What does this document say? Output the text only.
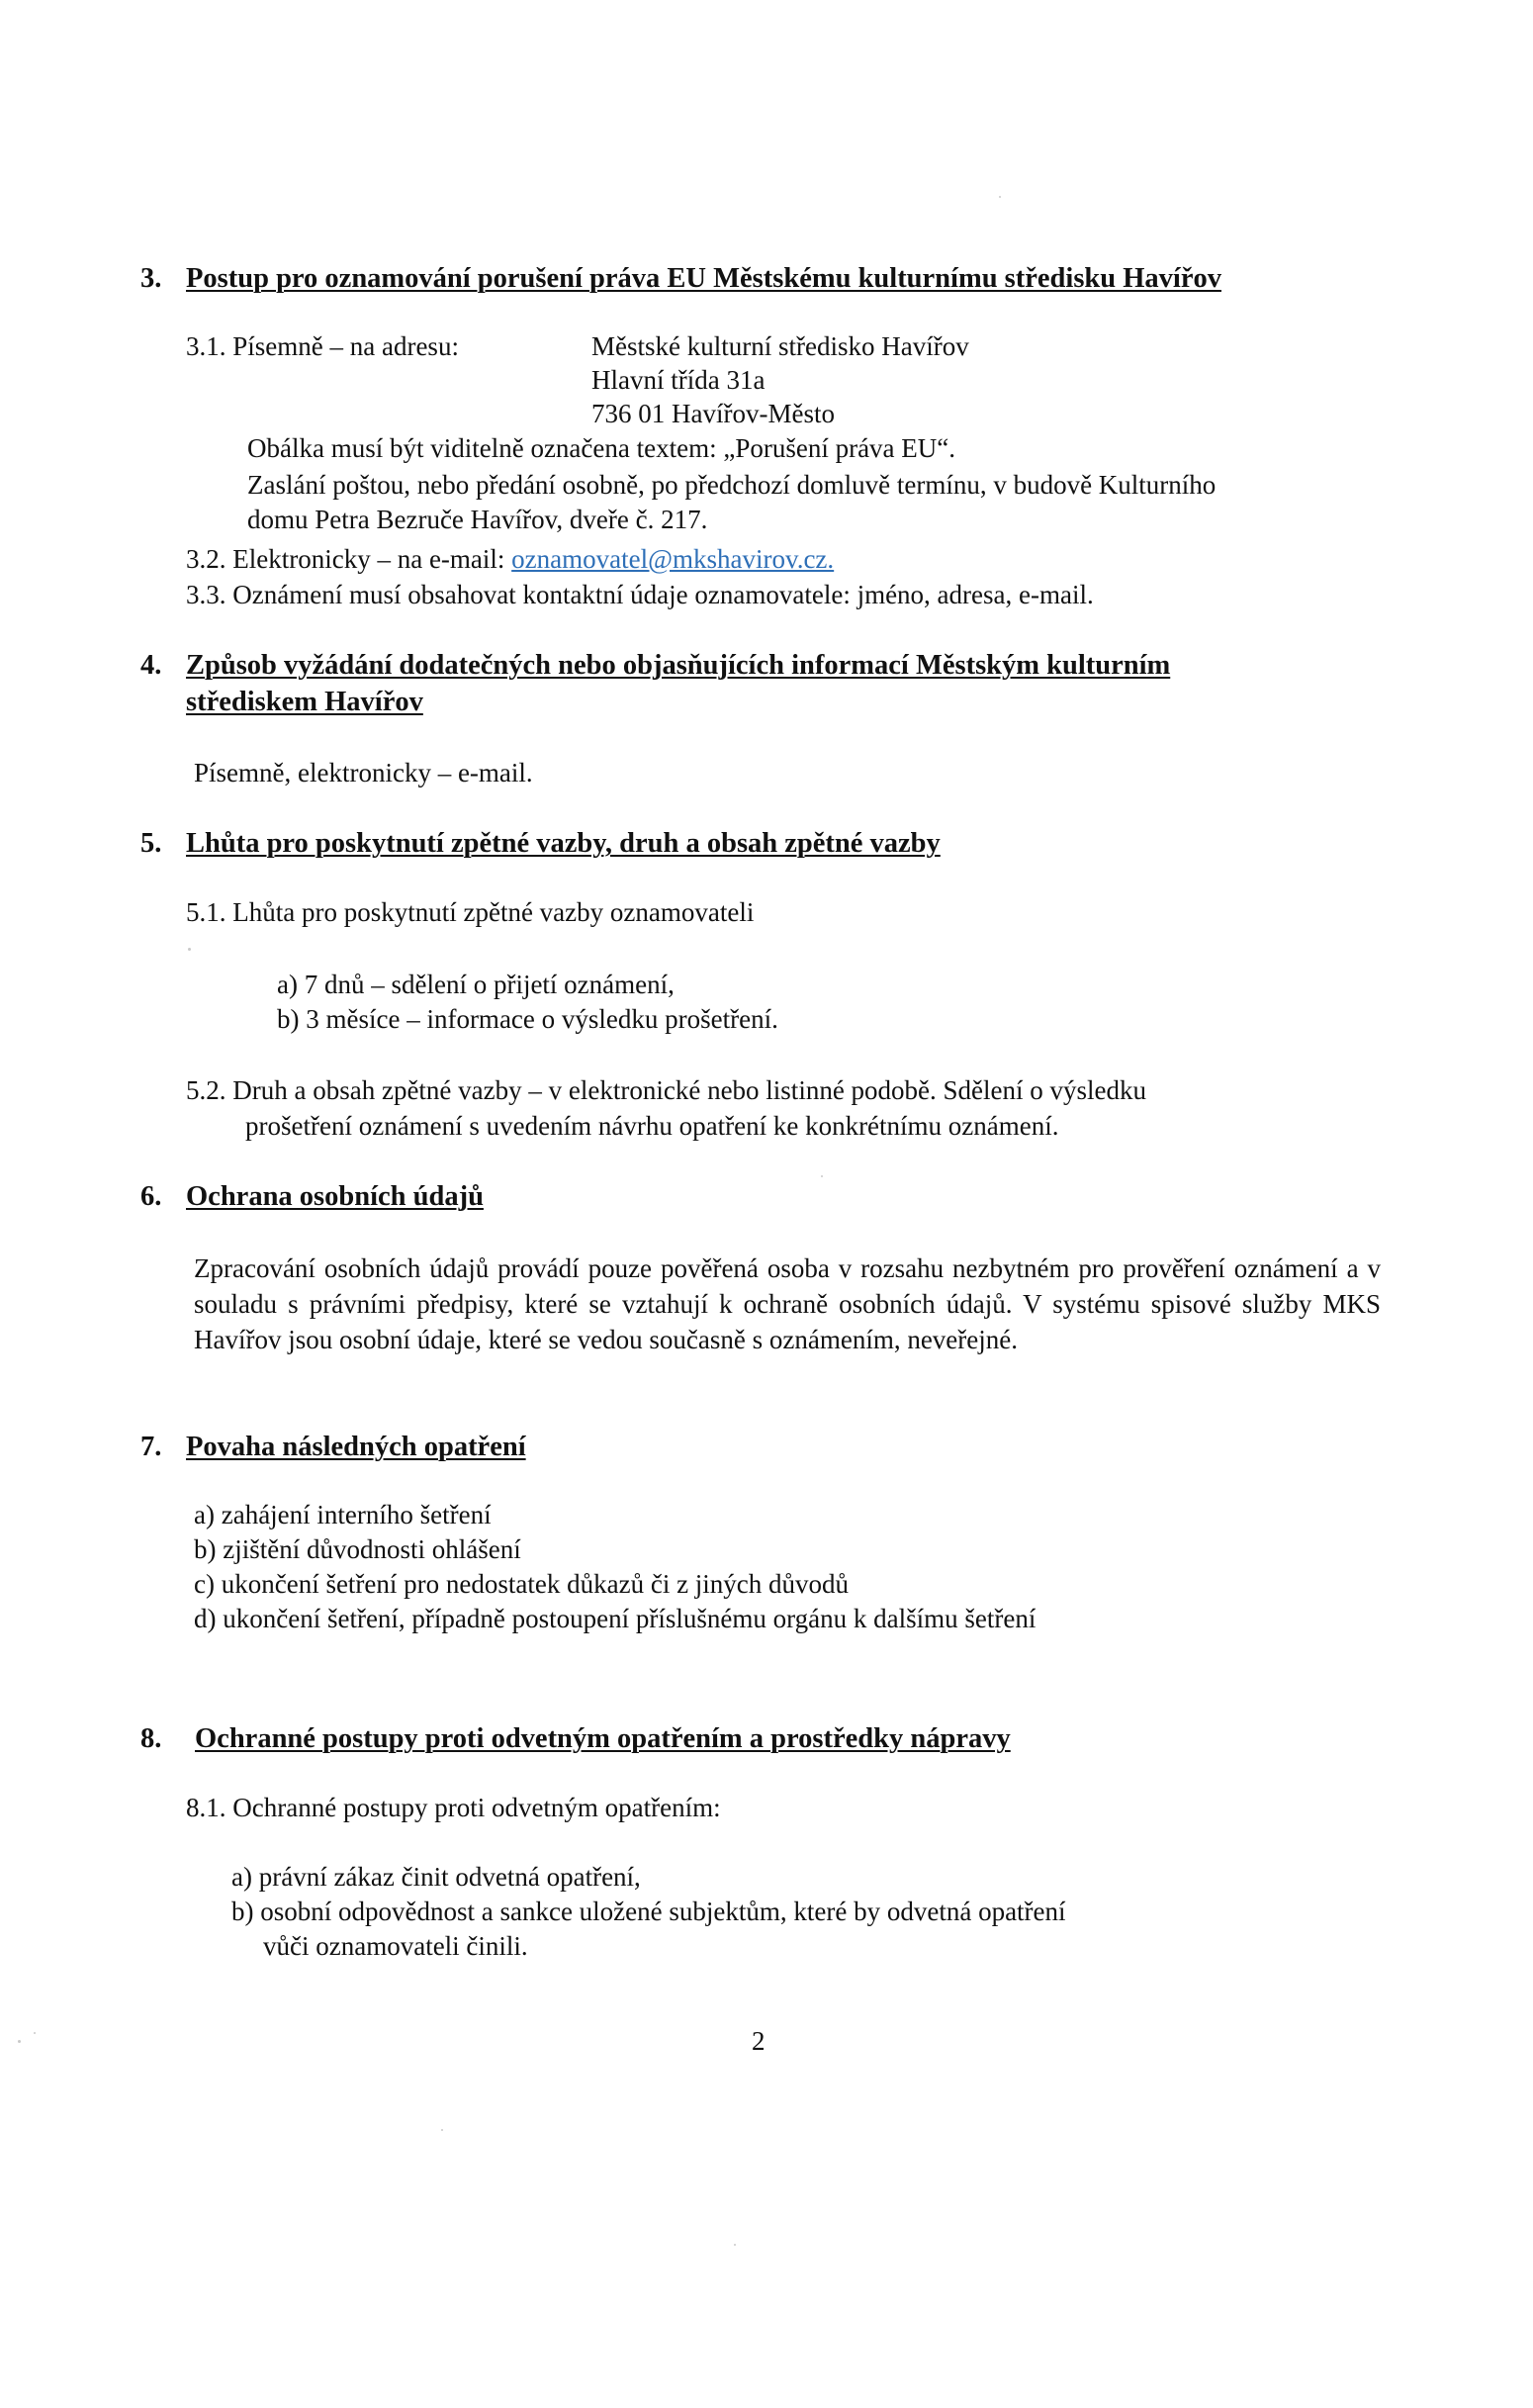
3. Postup pro oznamování porušení práva EU Městskému kulturnímu středisku Havířov
3.1. Písemně – na adresu:	Městské kulturní středisko Havířov
Hlavní třída 31a
736 01 Havířov-Město
Obálka musí být viditelně označena textem: „Porušení práva EU“.
Zaslání poštou, nebo předání osobně, po předchozí domluvě termínu, v budově Kulturního
domu Petra Bezruče Havířov, dveře č. 217.
3.2. Elektronicky – na e-mail: oznamovatel@mkshavirov.cz.
3.3. Oznámení musí obsahovat kontaktní údaje oznamovatele: jméno, adresa, e-mail.
4. Způsob vyžádání dodatečných nebo objasňujících informací Městským kulturním
střediskem Havířov
Písemně, elektronicky – e-mail.
5. Lhůta pro poskytnutí zpětné vazby, druh a obsah zpětné vazby
5.1. Lhůta pro poskytnutí zpětné vazby oznamovateli
a) 7 dnů – sdělení o přijetí oznámení,
b) 3 měsíce – informace o výsledku prošetření.
5.2. Druh a obsah zpětné vazby – v elektronické nebo listinné podobě. Sdělení o výsledku
prošetření oznámení s uvedením návrhu opatření ke konkrétnímu oznámení.
6. Ochrana osobních údajů
Zpracování osobních údajů provádí pouze pověřená osoba v rozsahu nezbytném pro prověření oznámení a v souladu s právními předpisy, které se vztahují k ochraně osobních údajů. V systému spisové služby MKS Havířov jsou osobní údaje, které se vedou současně s oznámením, neveřejné.
7. Povaha následných opatření
a) zahájení interního šetření
b) zjištění důvodnosti ohlášení
c) ukončení šetření pro nedostatek důkazů či z jiných důvodů
d) ukončení šetření, případně postoupení příslušnému orgánu k dalšímu šetření
8. Ochranné postupy proti odvetným opatřením a prostředky nápravy
8.1. Ochranné postupy proti odvetným opatřením:
a) právní zákaz činit odvetná opatření,
b) osobní odpovědnost a sankce uložené subjektům, které by odvetná opatření
vůči oznamovateli činili.
2
